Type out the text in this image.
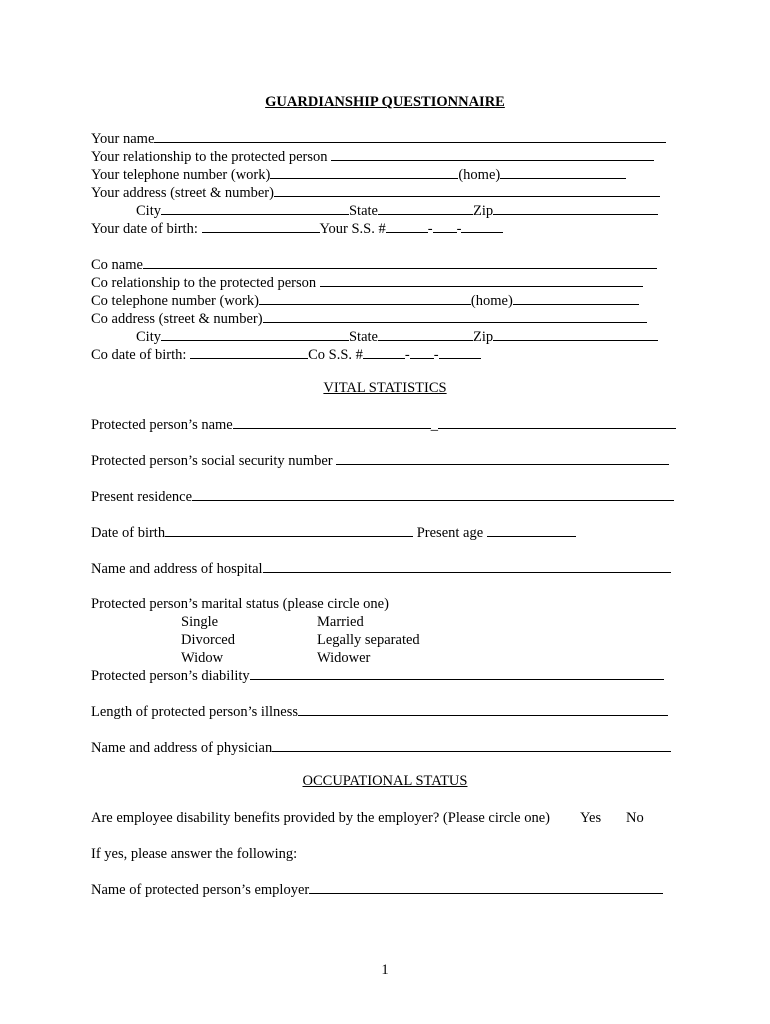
GUARDIANSHIP QUESTIONNAIRE
Your name
Your relationship to the protected person
Your telephone number (work)	(home)
Your address (street & number)
City	State	Zip
Your date of birth:	Your S.S. #	- -
Co name
Co relationship to the protected person
Co telephone number (work)	(home)
Co address (street & number)
City	State	Zip
Co date of birth:	Co S.S. #	- -
VITAL STATISTICS
Protected person’s name	_
Protected person’s social security number
Present residence
Date of birth	Present age
Name and address of hospital
Protected person’s marital status (please circle one)
Single	Married
Divorced	Legally separated
Widow	Widower
Protected person’s diability
Length of protected person’s illness
Name and address of physician
OCCUPATIONAL STATUS
Are employee disability benefits provided by the employer? (Please circle one) Yes No
If yes, please answer the following:
Name of protected person’s employer
1
